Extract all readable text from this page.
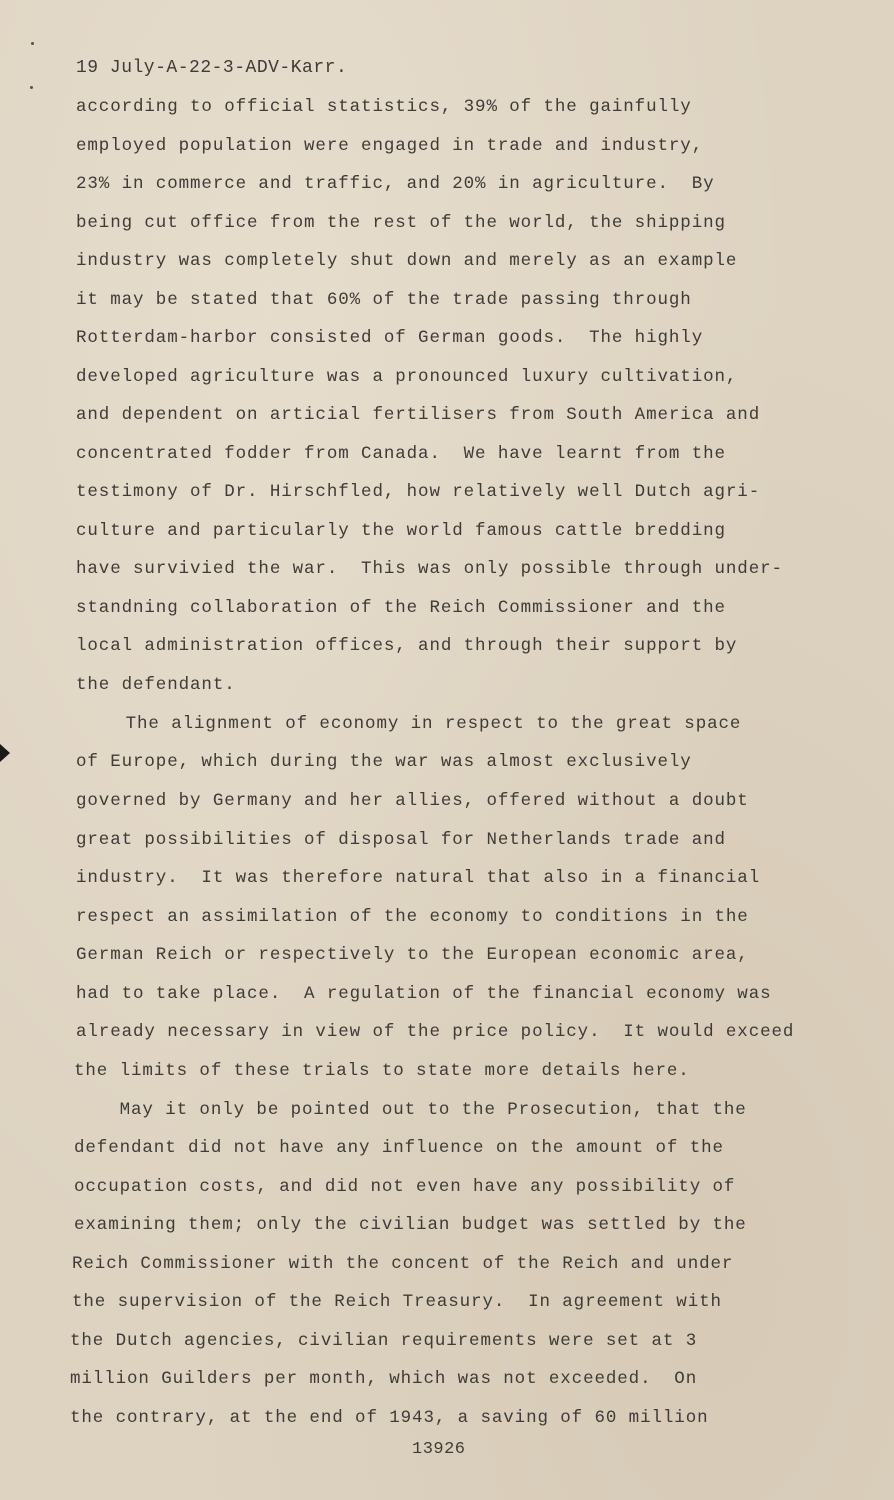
19 July-A-22-3-ADV-Karr.
according to official statistics, 39% of the gainfully
employed population were engaged in trade and industry,
23% in commerce and traffic, and 20% in agriculture.  By
being cut office from the rest of the world, the shipping
industry was completely shut down and merely as an example
it may be stated that 60% of the trade passing through
Rotterdam-harbor consisted of German goods.  The highly
developed agriculture was a pronounced luxury cultivation,
and dependent on articial fertilisers from South America and
concentrated fodder from Canada.  We have learnt from the
testimony of Dr. Hirschfled, how relatively well Dutch agri-
culture and particularly the world famous cattle bredding
have survivied the war.  This was only possible through under-
standning collaboration of the Reich Commissioner and the
local administration offices, and through their support by
the defendant.
The alignment of economy in respect to the great space
of Europe, which during the war was almost exclusively
governed by Germany and her allies, offered without a doubt
great possibilities of disposal for Netherlands trade and
industry.  It was therefore natural that also in a financial
respect an assimilation of the economy to conditions in the
German Reich or respectively to the European economic area,
had to take place.  A regulation of the financial economy was
already necessary in view of the price policy.  It would exceed
the limits of these trials to state more details here.
May it only be pointed out to the Prosecution, that the
defendant did not have any influence on the amount of the
occupation costs, and did not even have any possibility of
examining them; only the civilian budget was settled by the
Reich Commissioner with the concent of the Reich and under
the supervision of the Reich Treasury.  In agreement with
the Dutch agencies, civilian requirements were set at 3
million Guilders per month, which was not exceeded.  On
the contrary, at the end of 1943, a saving of 60 million
13926
